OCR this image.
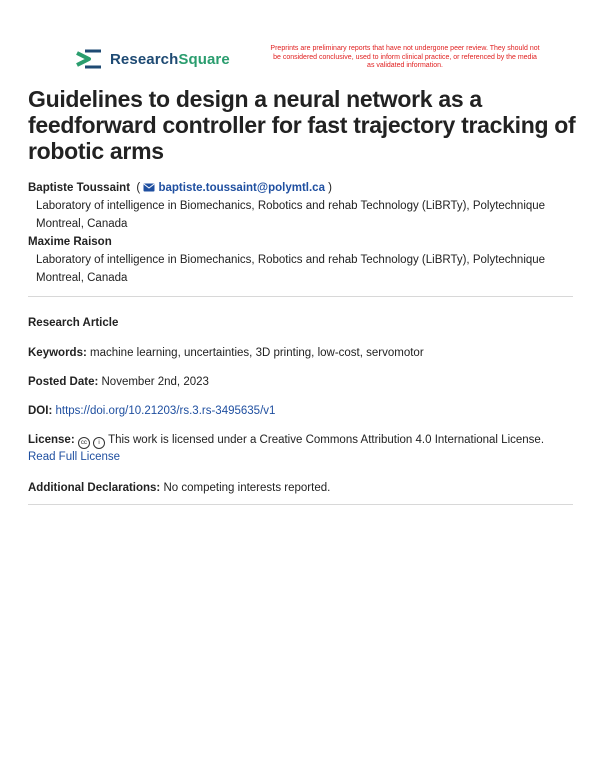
ResearchSquare
Preprints are preliminary reports that have not undergone peer review. They should not be considered conclusive, used to inform clinical practice, or referenced by the media as validated information.
Guidelines to design a neural network as a feedforward controller for fast trajectory tracking of robotic arms
Baptiste Toussaint  ( baptiste.toussaint@polymtl.ca )
Laboratory of intelligence in Biomechanics, Robotics and rehab Technology (LiBRTy), Polytechnique Montreal, Canada
Maxime Raison
Laboratory of intelligence in Biomechanics, Robotics and rehab Technology (LiBRTy), Polytechnique Montreal, Canada
Research Article
Keywords: machine learning, uncertainties, 3D printing, low-cost, servomotor
Posted Date: November 2nd, 2023
DOI: https://doi.org/10.21203/rs.3.rs-3495635/v1
License: cc i This work is licensed under a Creative Commons Attribution 4.0 International License.
Read Full License
Additional Declarations: No competing interests reported.
